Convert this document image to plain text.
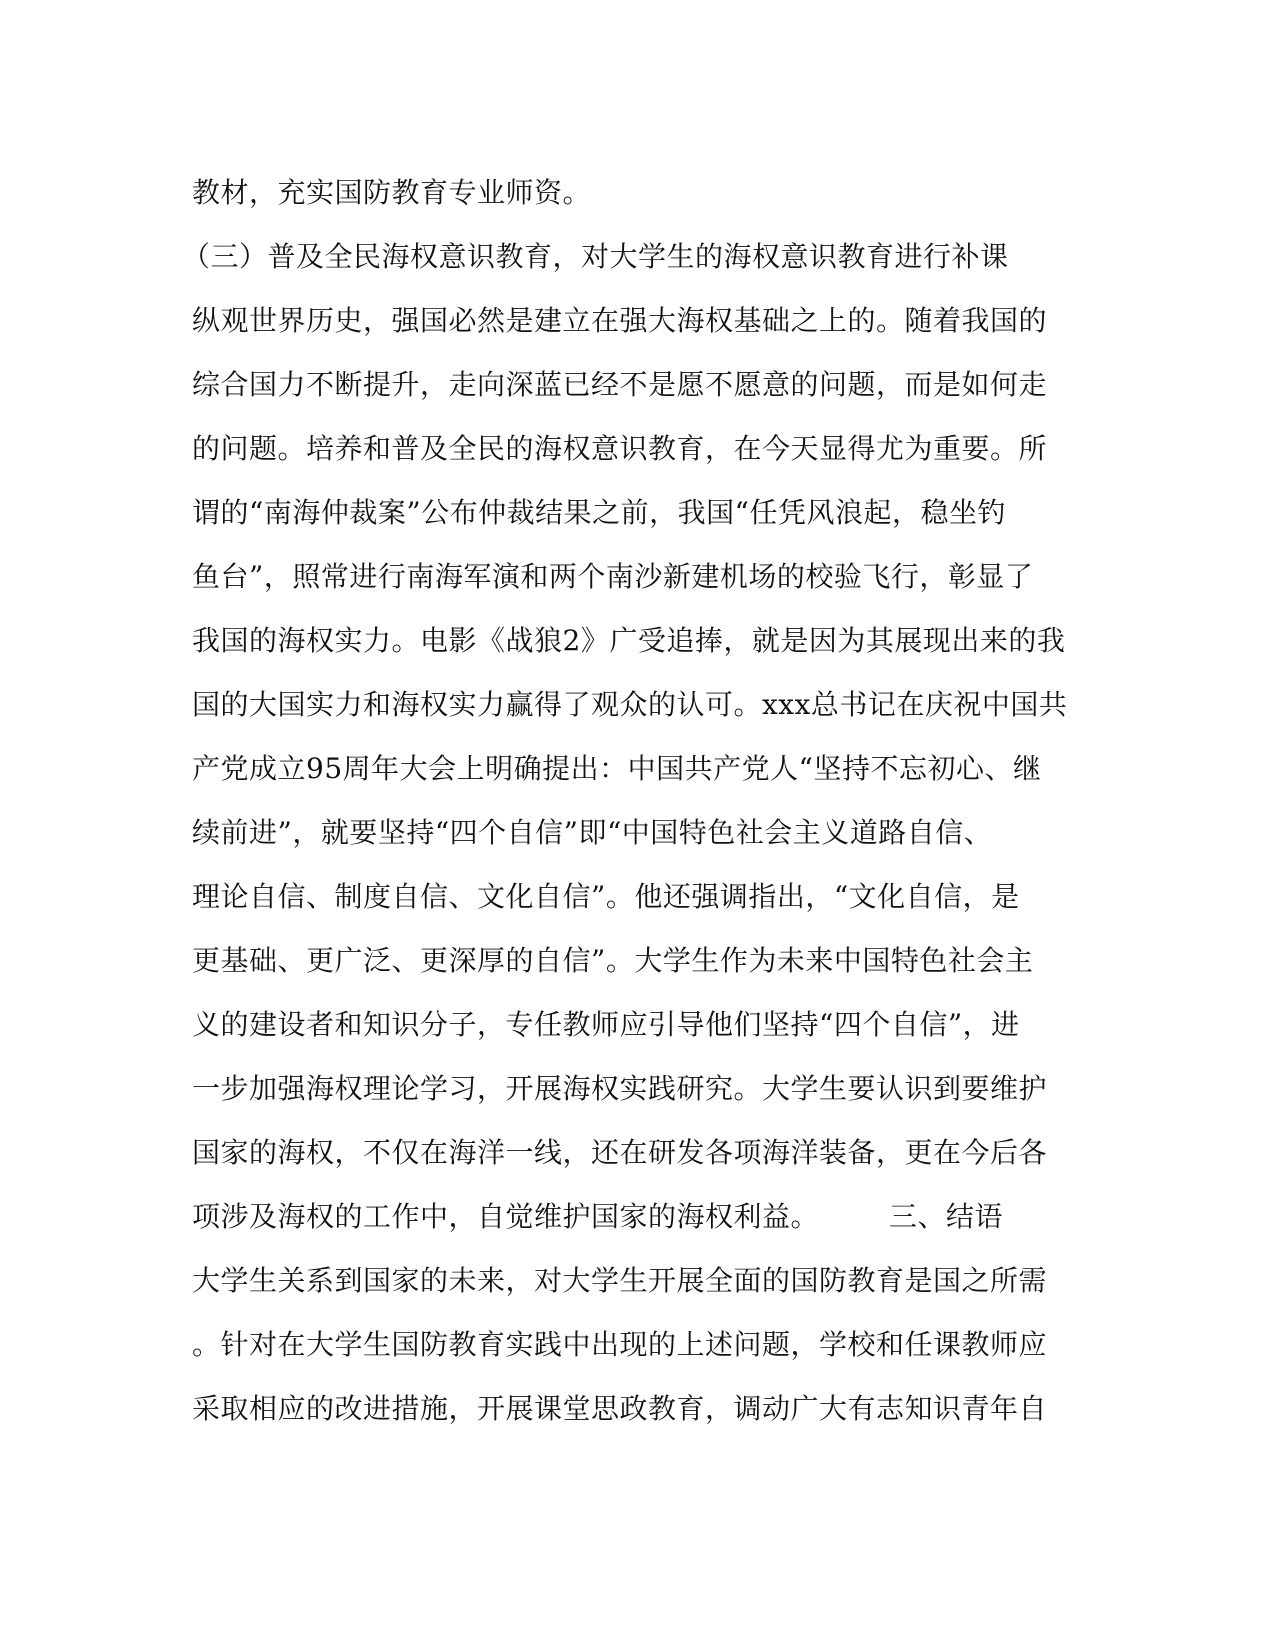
教材，充实国防教育专业师资。
（三）普及全民海权意识教育，对大学生的海权意识教育进行补课
纵观世界历史，强国必然是建立在强大海权基础之上的。随着我国的
综合国力不断提升，走向深蓝已经不是愿不愿意的问题，而是如何走
的问题。培养和普及全民的海权意识教育，在今天显得尤为重要。所
谓的“南海仲裁案”公布仲裁结果之前，我国“任凭风浪起，稳坐钓
鱼台”，照常进行南海军演和两个南沙新建机场的校验飞行，彰显了
我国的海权实力。电影《战狼2》广受追捧，就是因为其展现出来的我
国的大国实力和海权实力赢得了观众的认可。xxx总书记在庆祝中国共
产党成立95周年大会上明确提出：中国共产党人“坚持不忘初心、继
续前进”，就要坚持“四个自信”即“中国特色社会主义道路自信、
理论自信、制度自信、文化自信”。他还强调指出，“文化自信，是
更基础、更广泛、更深厚的自信”。大学生作为未来中国特色社会主
义的建设者和知识分子，专任教师应引导他们坚持“四个自信”，进
一步加强海权理论学习，开展海权实践研究。大学生要认识到要维护
国家的海权，不仅在海洋一线，还在研发各项海洋装备，更在今后各
项涉及海权的工作中，自觉维护国家的海权利益。	三、结语
大学生关系到国家的未来，对大学生开展全面的国防教育是国之所需
。针对在大学生国防教育实践中出现的上述问题，学校和任课教师应
采取相应的改进措施，开展课堂思政教育，调动广大有志知识青年自
